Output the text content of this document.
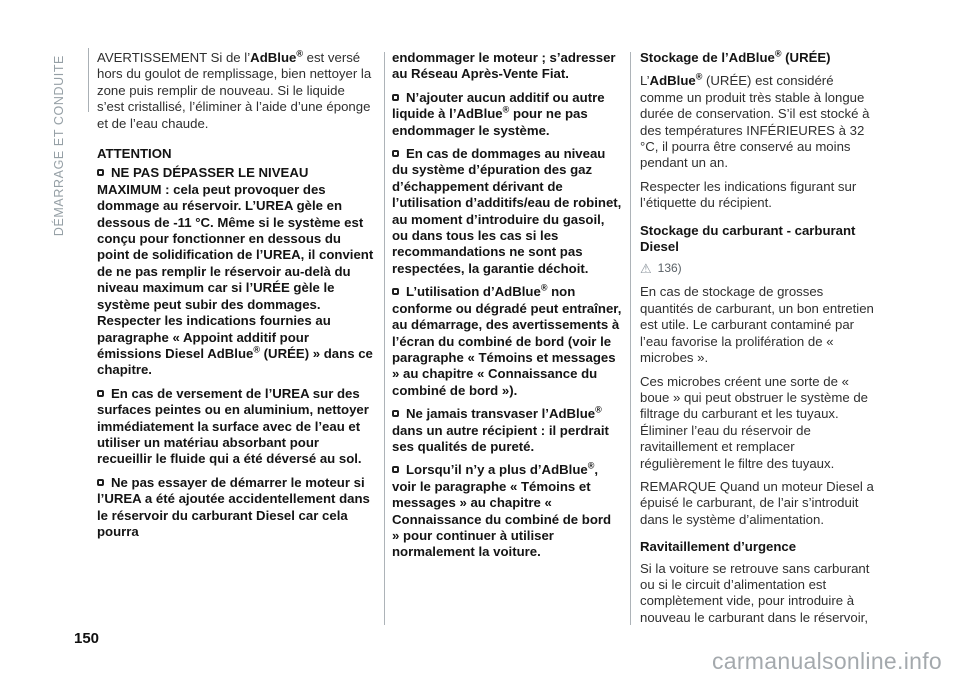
DÉMARRAGE ET CONDUITE AVERTISSEMENT Si de l’AdBlue® est versé hors du goulot de remplissage, bien nettoyer la zone puis remplir de nouveau. Si le liquide s’est cristallisé, l’éliminer à l’aide d’une éponge et de l’eau chaude.

ATTENTION

NE PAS DÉPASSER LE NIVEAU MAXIMUM : cela peut provoquer des dommage au réservoir. L’UREA gèle en dessous de -11 °C. Même si le système est conçu pour fonctionner en dessous du point de solidification de l’UREA, il convient de ne pas remplir le réservoir au-delà du niveau maximum car si l’URÉE gèle le système peut subir des dommages. Respecter les indications fournies au paragraphe « Appoint additif pour émissions Diesel AdBlue® (URÉE) » dans ce chapitre.

En cas de versement de l’UREA sur des surfaces peintes ou en aluminium, nettoyer immédiatement la surface avec de l’eau et utiliser un matériau absorbant pour recueillir le fluide qui a été déversé au sol.

Ne pas essayer de démarrer le moteur si l’UREA a été ajoutée accidentellement dans le réservoir du carburant Diesel car cela pourra

endommager le moteur ; s’adresser au Réseau Après-Vente Fiat.

N’ajouter aucun additif ou autre liquide à l’AdBlue® pour ne pas endommager le système.

En cas de dommages au niveau du système d’épuration des gaz d’échappement dérivant de l’utilisation d’additifs/eau de robinet, au moment d’introduire du gasoil, ou dans tous les cas si les recommandations ne sont pas respectées, la garantie déchoit.

L’utilisation d’AdBlue® non conforme ou dégradé peut entraîner, au démarrage, des avertissements à l’écran du combiné de bord (voir le paragraphe « Témoins et messages » au chapitre « Connaissance du combiné de bord »).

Ne jamais transvaser l’AdBlue® dans un autre récipient : il perdrait ses qualités de pureté.

Lorsqu’il n’y a plus d’AdBlue®, voir le paragraphe « Témoins et messages » au chapitre « Connaissance du combiné de bord » pour continuer à utiliser normalement la voiture.

Stockage de l’AdBlue® (URÉE)

L’AdBlue® (URÉE) est considéré comme un produit très stable à longue durée de conservation. S’il est stocké à des températures INFÉRIEURES à 32 °C, il pourra être conservé au moins pendant un an.

Respecter les indications figurant sur l’étiquette du récipient.

Stockage du carburant - carburant Diesel

⚠ 136)

En cas de stockage de grosses quantités de carburant, un bon entretien est utile. Le carburant contaminé par l’eau favorise la prolifération de « microbes ».

Ces microbes créent une sorte de « boue » qui peut obstruer le système de filtrage du carburant et les tuyaux. Éliminer l’eau du réservoir de ravitaillement et remplacer régulièrement le filtre des tuyaux.

REMARQUE Quand un moteur Diesel a épuisé le carburant, de l’air s’introduit dans le système d’alimentation.

Ravitaillement d’urgence

Si la voiture se retrouve sans carburant ou si le circuit d’alimentation est complètement vide, pour introduire à nouveau le carburant dans le réservoir,

150
carmanualsonline.info
